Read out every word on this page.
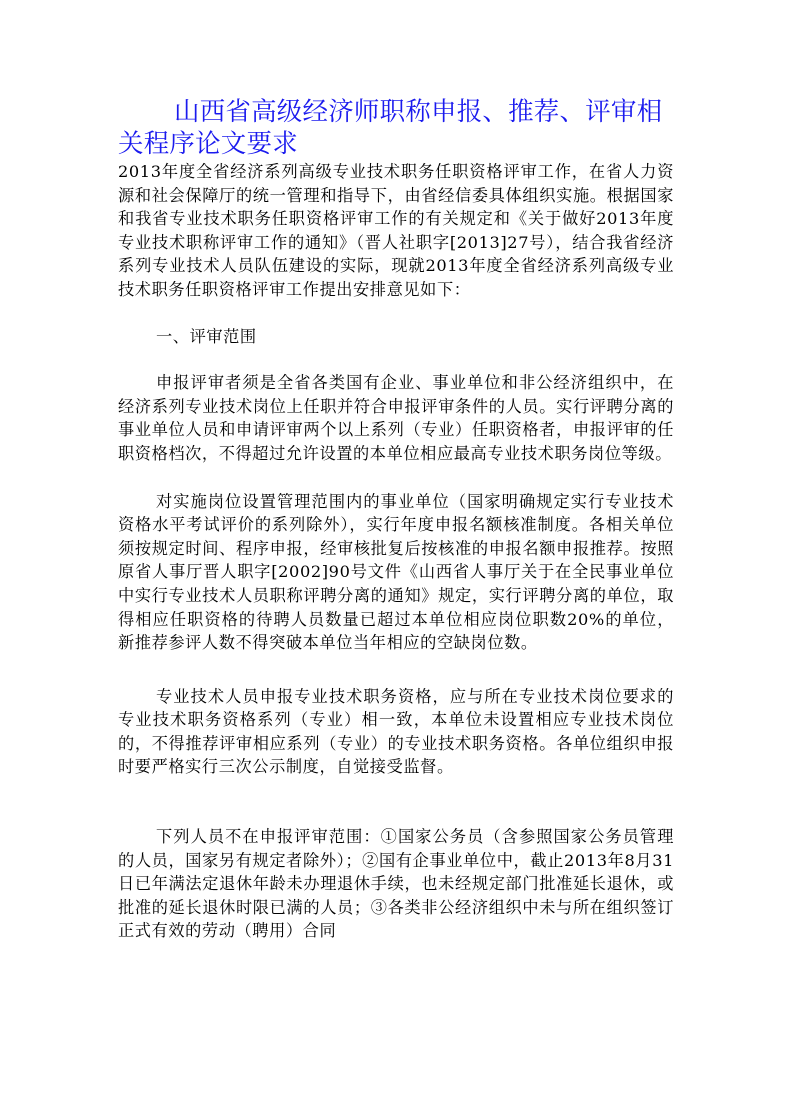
山西省高级经济师职称申报、推荐、评审相关程序论文要求

2013年度全省经济系列高级专业技术职务任职资格评审工作，在省人力资源和社会保障厅的统一管理和指导下，由省经信委具体组织实施。根据国家和我省专业技术职务任职资格评审工作的有关规定和《关于做好2013年度专业技术职称评审工作的通知》（晋人社职字[2013]27号），结合我省经济系列专业技术人员队伍建设的实际，现就2013年度全省经济系列高级专业技术职务任职资格评审工作提出安排意见如下：

一、评审范围

申报评审者须是全省各类国有企业、事业单位和非公经济组织中，在经济系列专业技术岗位上任职并符合申报评审条件的人员。实行评聘分离的事业单位人员和申请评审两个以上系列（专业）任职资格者，申报评审的任职资格档次，不得超过允许设置的本单位相应最高专业技术职务岗位等级。

对实施岗位设置管理范围内的事业单位（国家明确规定实行专业技术资格水平考试评价的系列除外），实行年度申报名额核准制度。各相关单位须按规定时间、程序申报，经审核批复后按核准的申报名额申报推荐。按照原省人事厅晋人职字[2002]90号文件《山西省人事厅关于在全民事业单位中实行专业技术人员职称评聘分离的通知》规定，实行评聘分离的单位，取得相应任职资格的待聘人员数量已超过本单位相应岗位职数20%的单位，新推荐参评人数不得突破本单位当年相应的空缺岗位数。

专业技术人员申报专业技术职务资格，应与所在专业技术岗位要求的专业技术职务资格系列（专业）相一致，本单位未设置相应专业技术岗位的，不得推荐评审相应系列（专业）的专业技术职务资格。各单位组织申报时要严格实行三次公示制度，自觉接受监督。

下列人员不在申报评审范围：①国家公务员（含参照国家公务员管理的人员，国家另有规定者除外）；②国有企事业单位中，截止2013年8月31日已年满法定退休年龄未办理退休手续，也未经规定部门批准延长退休，或批准的延长退休时限已满的人员；③各类非公经济组织中未与所在组织签订正式有效的劳动（聘用）合同
